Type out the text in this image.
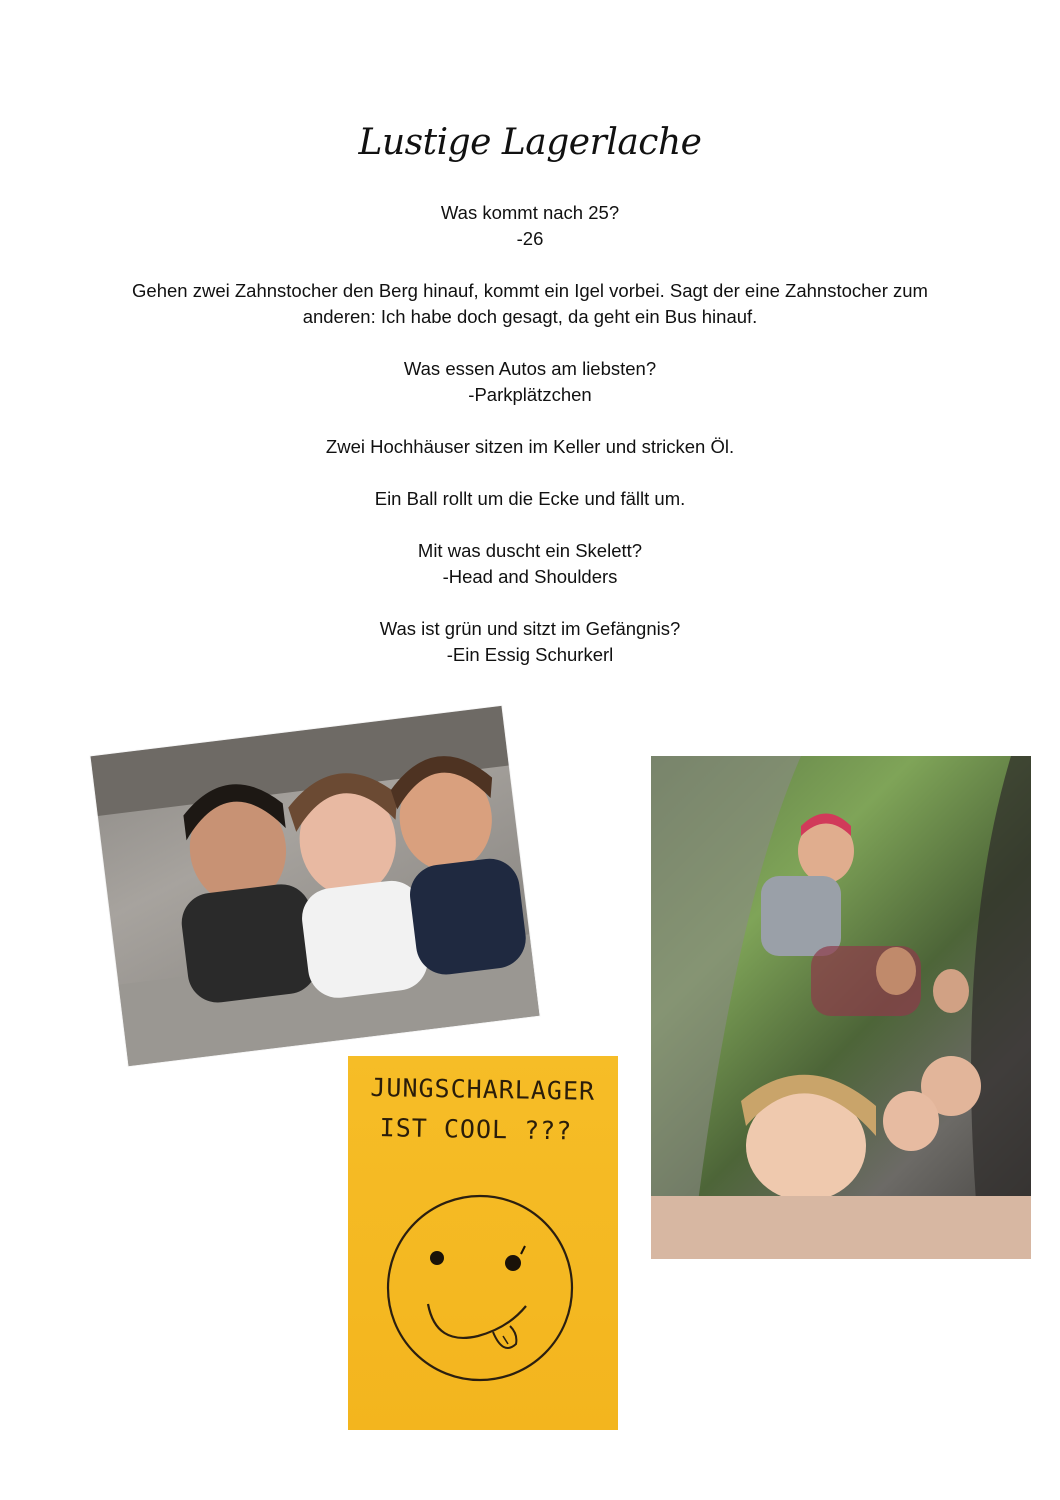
Lustige Lagerlache

Was kommt nach 25?

-26

Gehen zwei Zahnstocher den Berg hinauf, kommt ein Igel vorbei. Sagt der eine Zahnstocher zum anderen: Ich habe doch gesagt, da geht ein Bus hinauf.

Was essen Autos am liebsten?

-Parkplätzchen

Zwei Hochhäuser sitzen im Keller und stricken Öl.

Ein Ball rollt um die Ecke und fällt um.

Mit was duscht ein Skelett?

-Head and Shoulders

Was ist grün und sitzt im Gefängnis?

-Ein Essig Schurkerl

JUNGSCHARLAGER
IST COOL ???
